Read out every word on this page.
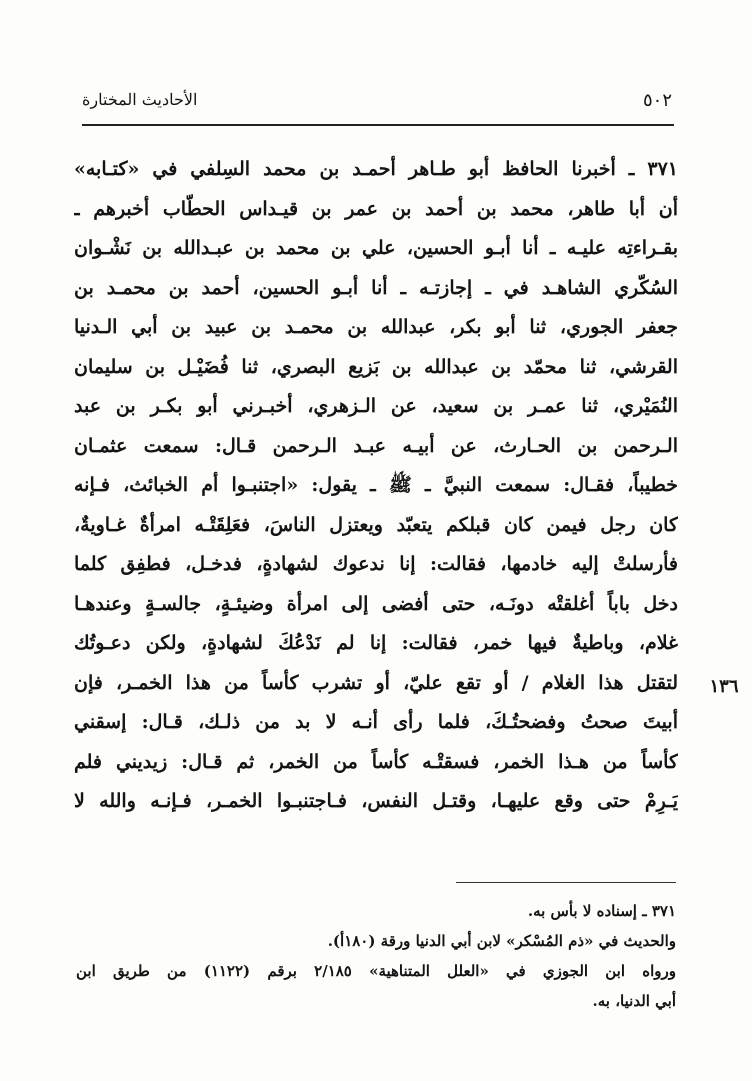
٥٠٢
الأحاديث المختارة
٣٧١ ـ أخبرنا الحافظ أبو طـاهر أحمـد بن محمد السِلفي في «كتـابه»
أن أبا طاهر، محمد بن أحمد بن عمر بن قيـداس الحطّاب أخبرهم ـ
بقـراءتِه عليـه ـ أنا أبـو الحسين، علي بن محمد بن عبـدالله بن نَشْـوان
السُكّري الشاهـد في ـ إجازتـه ـ أنا أبـو الحسين، أحمد بن محمـد بن
جعفر الجوري، ثنا أبو بكر، عبدالله بن محمـد بن عبيد بن أبي الـدنيا
القرشي، ثنا محمّد بن عبدالله بن بَزيع البصري، ثنا فُضَيْـل بن سليمان
النُمَيْري، ثنا عمـر بن سعيد، عن الـزهري، أخبـرني أبو بكـر بن عبد
الـرحمن بن الحـارث، عن أبيـه عبـد الـرحمن قـال: سمعت عثمـان
خطيباً، فقـال: سمعت النبيَّ ـ ﷺ ـ يقول: «اجتنبـوا أم الخبائث، فـإنه
كان رجل فيمن كان قبلكم يتعبّد ويعتزل الناسَ، فعَلِقَتْـه امرأةٌ غـاويةٌ،
فأرسلتْ إليه خادمها، فقالت: إنا ندعوك لشهادةٍ، فدخـل، فطفِق كلما
دخل باباً أغلقتْه دونَـه، حتى أفضى إلى امرأة وضيئـةٍ، جالسـةٍ وعندهـا
غلام، وباطيةٌ فيها خمر، فقالت: إنا لم نَدْعُكَ لشهادةٍ، ولكن دعـوتُك
لتقتل هذا الغلام / أو تقع عليّ، أو تشرب كأساً من هذا الخمـر، فإن
أبيتَ صحتُ وفضحتُـكَ، فلما رأى أنـه لا بد من ذلـك، قـال: إسقني
كأساً من هـذا الخمر، فسقتْـه كأساً من الخمر، ثم قـال: زيديني فلم
يَـرِمْ حتى وقع عليهـا، وقتـل النفس، فـاجتنبـوا الخمـر، فـإنـه والله لا
١٣٦
٣٧١ ـ إسناده لا بأس به.
والحديث في «ذم المُسْكر» لابن أبي الدنيا ورقة (١٨٠أ).
ورواه ابن الجوزي في «العلل المتناهية» ٢/١٨٥ برقم (١١٢٢) من طريق ابن
أبي الدنيا، به.
